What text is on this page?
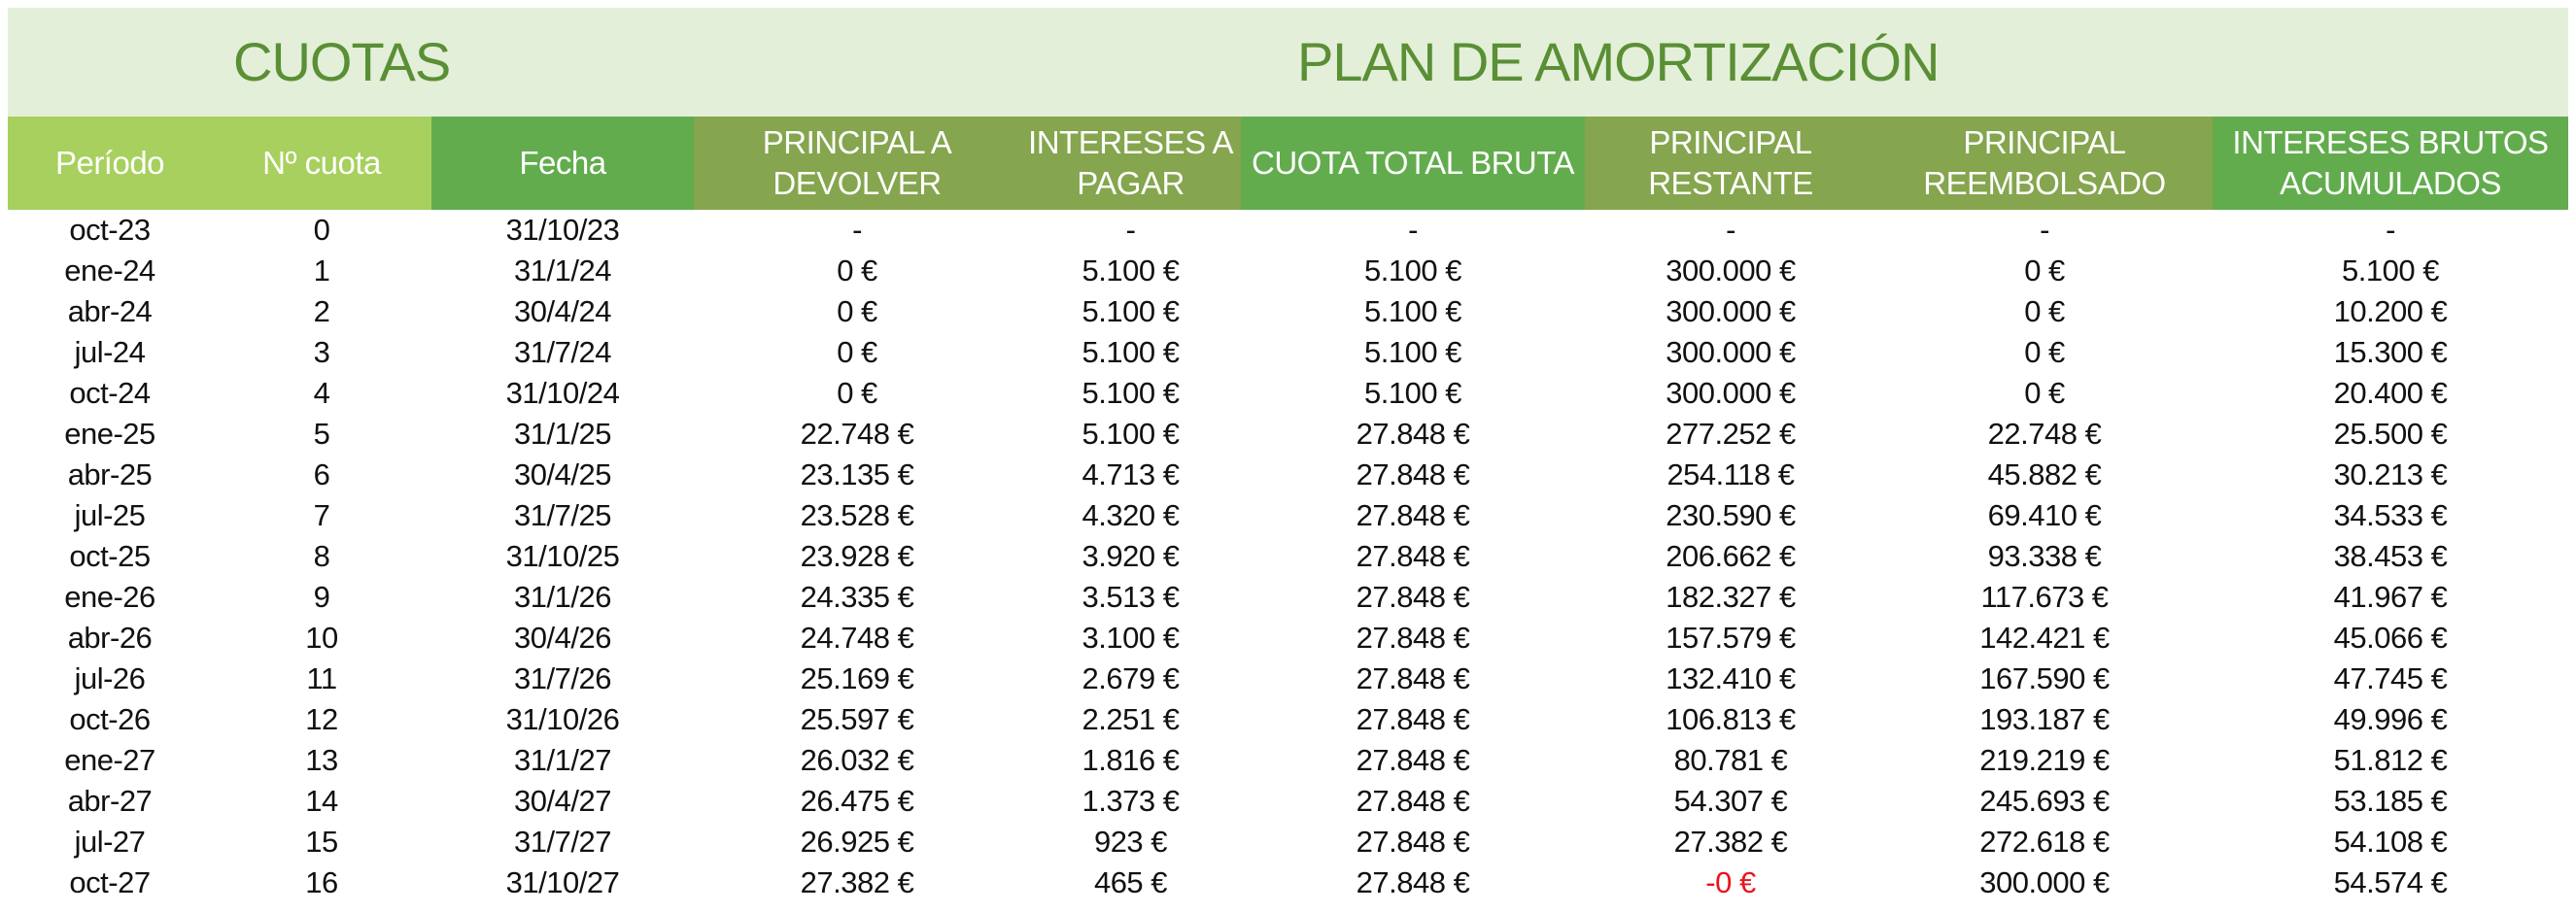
CUOTAS	PLAN DE AMORTIZACIÓN
Período	Nº cuota	Fecha	PRINCIPAL A DEVOLVER	INTERESES A PAGAR	CUOTA TOTAL BRUTA	PRINCIPAL RESTANTE	PRINCIPAL REEMBOLSADO	INTERESES BRUTOS ACUMULADOS
oct-23	0	31/10/23	-	-	-	-	-	-
ene-24	1	31/1/24	0 €	5.100 €	5.100 €	300.000 €	0 €	5.100 €
abr-24	2	30/4/24	0 €	5.100 €	5.100 €	300.000 €	0 €	10.200 €
jul-24	3	31/7/24	0 €	5.100 €	5.100 €	300.000 €	0 €	15.300 €
oct-24	4	31/10/24	0 €	5.100 €	5.100 €	300.000 €	0 €	20.400 €
ene-25	5	31/1/25	22.748 €	5.100 €	27.848 €	277.252 €	22.748 €	25.500 €
abr-25	6	30/4/25	23.135 €	4.713 €	27.848 €	254.118 €	45.882 €	30.213 €
jul-25	7	31/7/25	23.528 €	4.320 €	27.848 €	230.590 €	69.410 €	34.533 €
oct-25	8	31/10/25	23.928 €	3.920 €	27.848 €	206.662 €	93.338 €	38.453 €
ene-26	9	31/1/26	24.335 €	3.513 €	27.848 €	182.327 €	117.673 €	41.967 €
abr-26	10	30/4/26	24.748 €	3.100 €	27.848 €	157.579 €	142.421 €	45.066 €
jul-26	11	31/7/26	25.169 €	2.679 €	27.848 €	132.410 €	167.590 €	47.745 €
oct-26	12	31/10/26	25.597 €	2.251 €	27.848 €	106.813 €	193.187 €	49.996 €
ene-27	13	31/1/27	26.032 €	1.816 €	27.848 €	80.781 €	219.219 €	51.812 €
abr-27	14	30/4/27	26.475 €	1.373 €	27.848 €	54.307 €	245.693 €	53.185 €
jul-27	15	31/7/27	26.925 €	923 €	27.848 €	27.382 €	272.618 €	54.108 €
oct-27	16	31/10/27	27.382 €	465 €	27.848 €	-0 €	300.000 €	54.574 €
